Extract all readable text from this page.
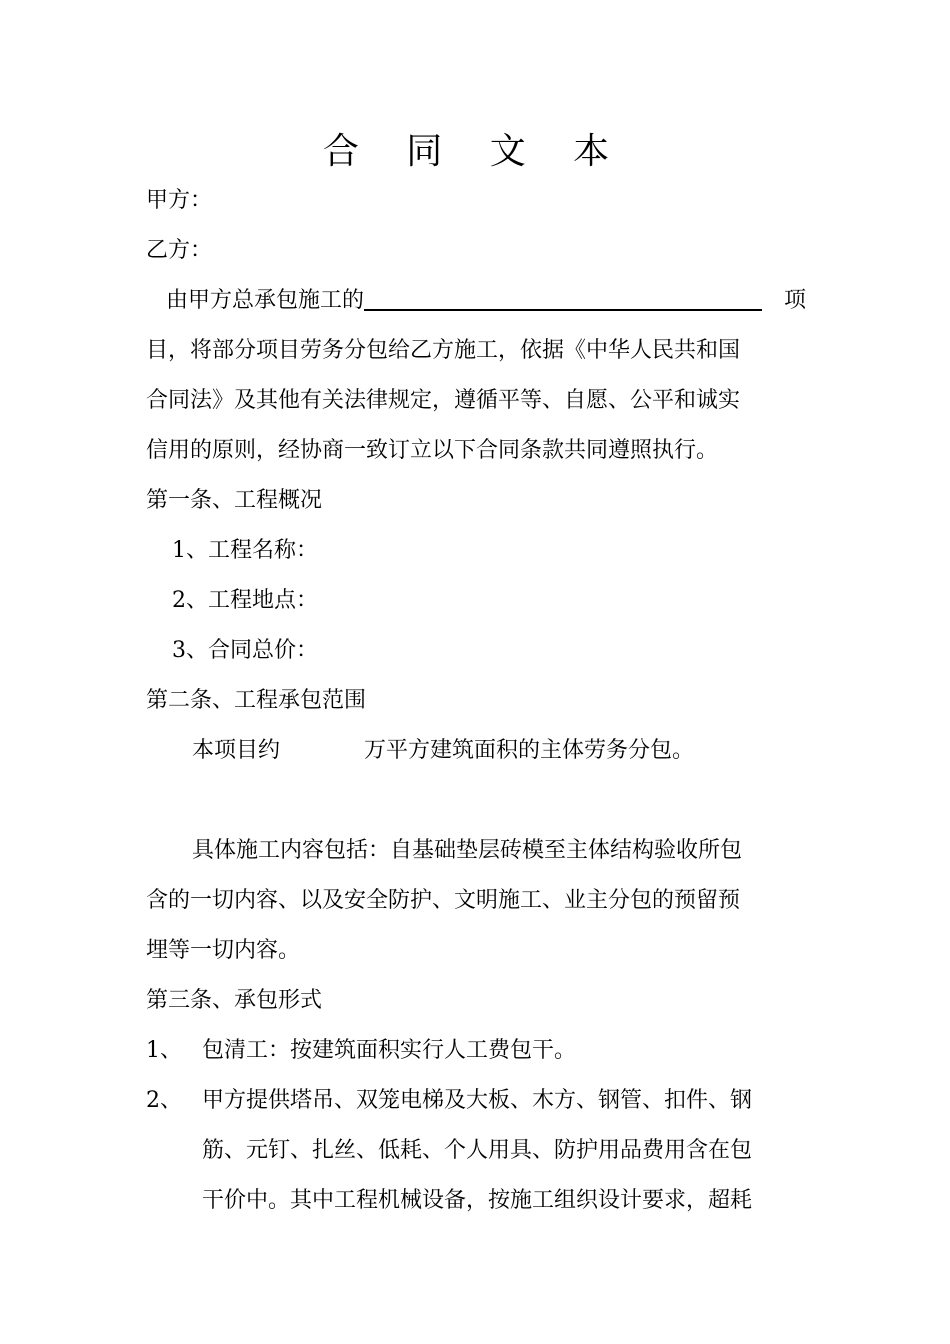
合 同 文 本
甲方：
乙方：
由甲方总承包施工的	项
目，将部分项目劳务分包给乙方施工，依据《中华人民共和国
合同法》及其他有关法律规定，遵循平等、自愿、公平和诚实
信用的原则，经协商一致订立以下合同条款共同遵照执行。
第一条、工程概况
1、工程名称：
2、工程地点：
3、合同总价：
第二条、工程承包范围
本项目约	万平方建筑面积的主体劳务分包。
具体施工内容包括：自基础垫层砖模至主体结构验收所包
含的一切内容、以及安全防护、文明施工、业主分包的预留预
埋等一切内容。
第三条、承包形式
1、 包清工：按建筑面积实行人工费包干。
2、 甲方提供塔吊、双笼电梯及大板、木方、钢管、扣件、钢
筋、元钉、扎丝、低耗、个人用具、防护用品费用含在包
干价中。其中工程机械设备，按施工组织设计要求，超耗
